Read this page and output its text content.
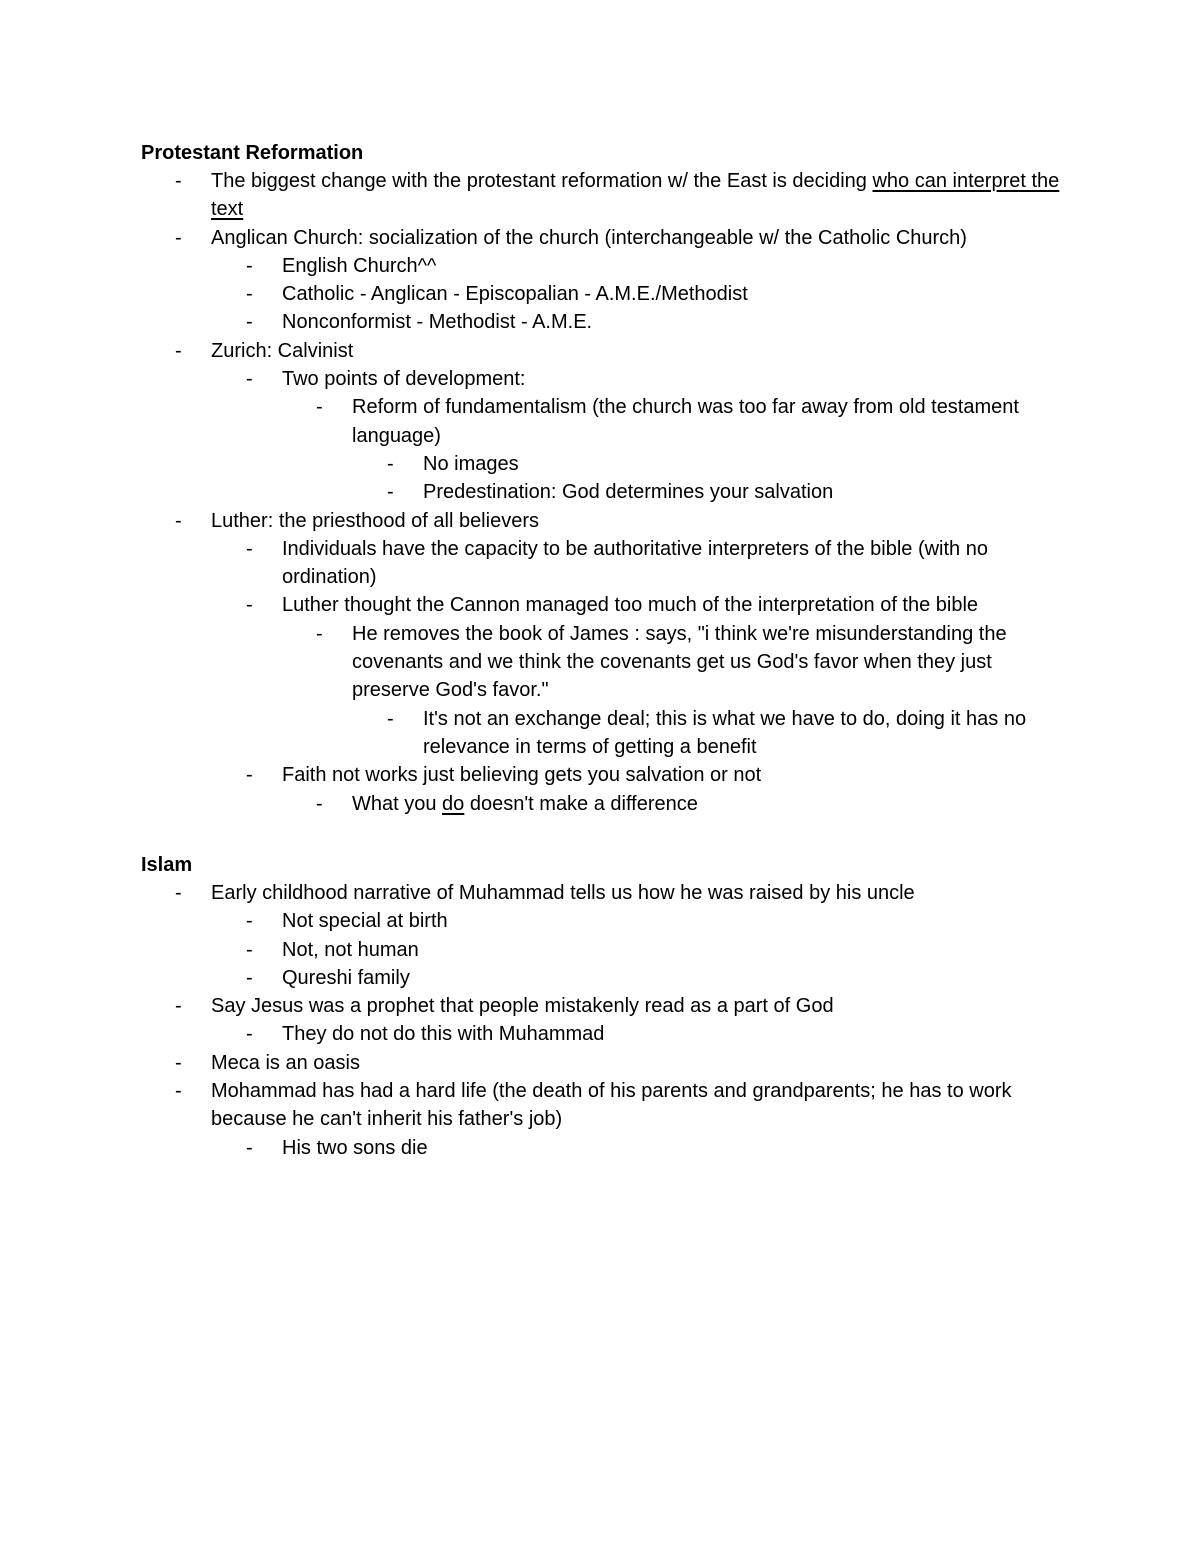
Protestant Reformation
-	The biggest change with the protestant reformation w/ the East is deciding who can interpret the text
-	Anglican Church: socialization of the church (interchangeable w/ the Catholic Church)
-	English Church^^
-	Catholic - Anglican - Episcopalian - A.M.E./Methodist
-	Nonconformist - Methodist - A.M.E.
-	Zurich: Calvinist
-	Two points of development:
-	Reform of fundamentalism (the church was too far away from old testament language)
-	No images
-	Predestination: God determines your salvation
-	Luther: the priesthood of all believers
-	Individuals have the capacity to be authoritative interpreters of the bible (with no ordination)
-	Luther thought the Cannon managed too much of the interpretation of the bible
-	He removes the book of James : says, "i think we're misunderstanding the covenants and we think the covenants get us God's favor when they just preserve God's favor."
-	It's not an exchange deal; this is what we have to do, doing it has no relevance in terms of getting a benefit
-	Faith not works just believing gets you salvation or not
-	What you do doesn't make a difference
Islam
-	Early childhood narrative of Muhammad tells us how he was raised by his uncle
-	Not special at birth
-	Not, not human
-	Qureshi family
-	Say Jesus was a prophet that people mistakenly read as a part of God
-	They do not do this with Muhammad
-	Meca is an oasis
-	Mohammad has had a hard life (the death of his parents and grandparents; he has to work because he can't inherit his father's job)
-	His two sons die
